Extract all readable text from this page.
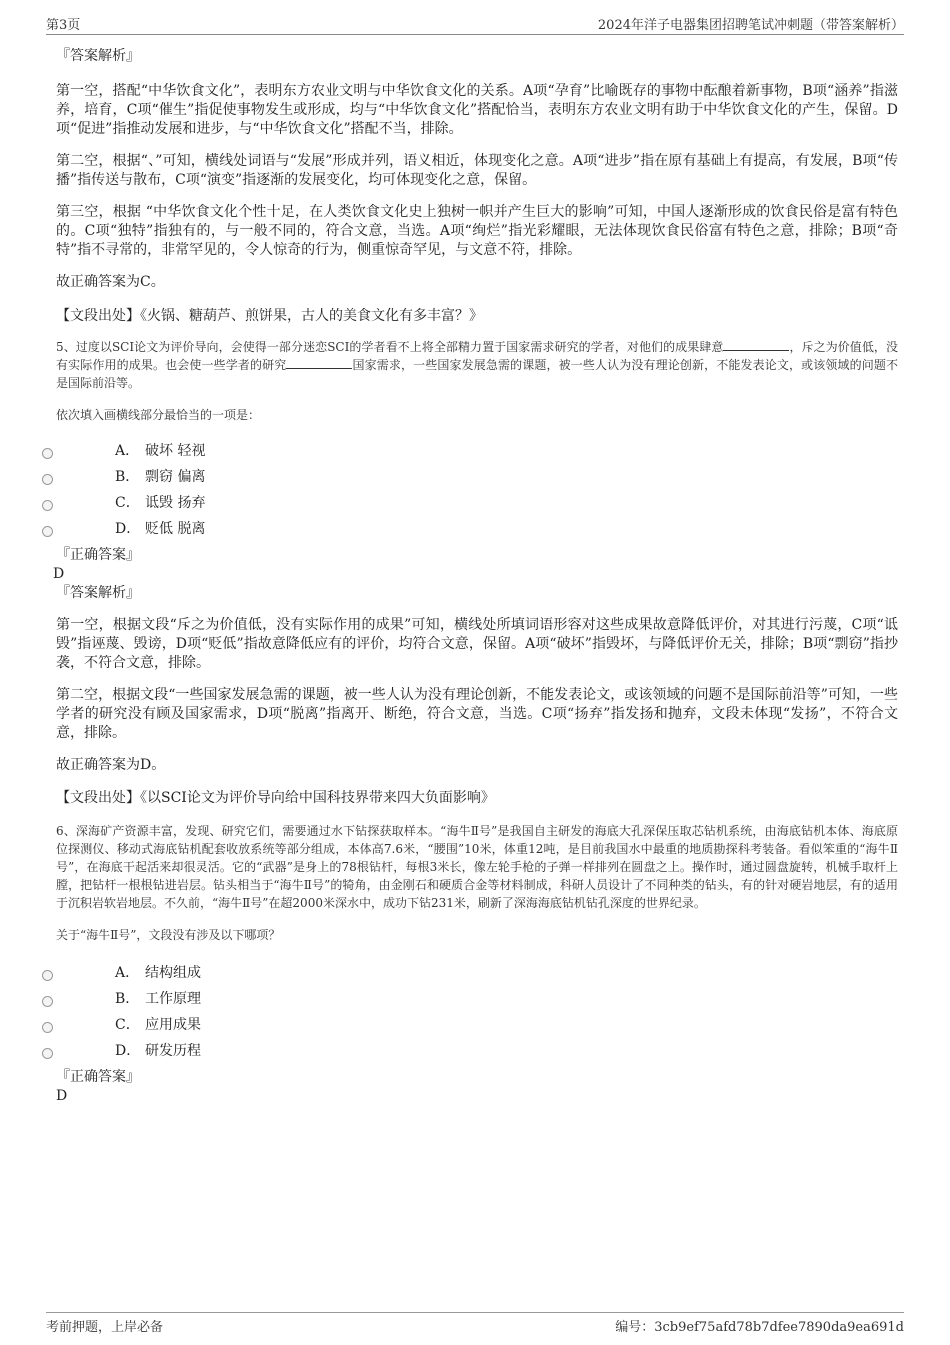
第3页	2024年洋子电器集团招聘笔试冲刺题（带答案解析）

『答案解析』

第一空，搭配“中华饮食文化”，表明东方农业文明与中华饮食文化的关系。A项“孕育”比喻既存的事物中酝酿着新事物，B项“涵养”指滋养，培育，C项“催生”指促使事物发生或形成，均与“中华饮食文化”搭配恰当，表明东方农业文明有助于中华饮食文化的产生，保留。D项“促进”指推动发展和进步，与“中华饮食文化”搭配不当，排除。

第二空，根据“、”可知，横线处词语与“发展”形成并列，语义相近，体现变化之意。A项“进步”指在原有基础上有提高，有发展，B项“传播”指传送与散布，C项“演变”指逐渐的发展变化，均可体现变化之意，保留。

第三空，根据 “中华饮食文化个性十足，在人类饮食文化史上独树一帜并产生巨大的影响”可知，中国人逐渐形成的饮食民俗是富有特色的。C项“独特”指独有的，与一般不同的，符合文意，当选。A项“绚烂”指光彩耀眼，无法体现饮食民俗富有特色之意，排除；B项“奇特”指不寻常的，非常罕见的，令人惊奇的行为，侧重惊奇罕见，与文意不符，排除。

故正确答案为C。

【文段出处】《火锅、糖葫芦、煎饼果，古人的美食文化有多丰富？》

5、过度以SCI论文为评价导向，会使得一部分迷恋SCI的学者看不上将全部精力置于国家需求研究的学者，对他们的成果肆意	，斥之为价值低，没有实际作用的成果。也会使一些学者的研究	国家需求，一些国家发展急需的课题，被一些人认为没有理论创新，不能发表论文，或该领域的问题不是国际前沿等。

依次填入画横线部分最恰当的一项是：

A． 破坏 轻视
B． 剽窃 偏离
C． 诋毁 扬弃
D． 贬低 脱离

『正确答案』

D

『答案解析』

第一空，根据文段“斥之为价值低，没有实际作用的成果”可知，横线处所填词语形容对这些成果故意降低评价，对其进行污蔑，C项“诋毁”指诬蔑、毁谤，D项“贬低”指故意降低应有的评价，均符合文意，保留。A项“破坏”指毁坏，与降低评价无关，排除；B项“剽窃”指抄袭，不符合文意，排除。

第二空，根据文段“一些国家发展急需的课题，被一些人认为没有理论创新，不能发表论文，或该领域的问题不是国际前沿等”可知，一些学者的研究没有顾及国家需求，D项“脱离”指离开、断绝，符合文意，当选。C项“扬弃”指发扬和抛弃，文段未体现“发扬”，不符合文意，排除。

故正确答案为D。

【文段出处】《以SCI论文为评价导向给中国科技界带来四大负面影响》

6、深海矿产资源丰富，发现、研究它们，需要通过水下钻探获取样本。“海牛Ⅱ号”是我国自主研发的海底大孔深保压取芯钻机系统，由海底钻机本体、海底原位探测仪、移动式海底钻机配套收放系统等部分组成，本体高7.6米，“腰围”10米，体重12吨，是目前我国水中最重的地质勘探科考装备。看似笨重的“海牛Ⅱ号”，在海底干起活来却很灵活。它的“武器”是身上的78根钻杆，每根3米长，像左轮手枪的子弹一样排列在圆盘之上。操作时，通过圆盘旋转，机械手取杆上膛，把钻杆一根根钻进岩层。钻头相当于“海牛Ⅱ号”的犄角，由金刚石和硬质合金等材料制成，科研人员设计了不同种类的钻头，有的针对硬岩地层，有的适用于沉积岩软岩地层。不久前，“海牛Ⅱ号”在超2000米深水中，成功下钻231米，刷新了深海海底钻机钻孔深度的世界纪录。

关于“海牛Ⅱ号”，文段没有涉及以下哪项？

A． 结构组成
B． 工作原理
C． 应用成果
D． 研发历程

『正确答案』

D

考前押题，上岸必备	编号：3cb9ef75afd78b7dfee7890da9ea691d
